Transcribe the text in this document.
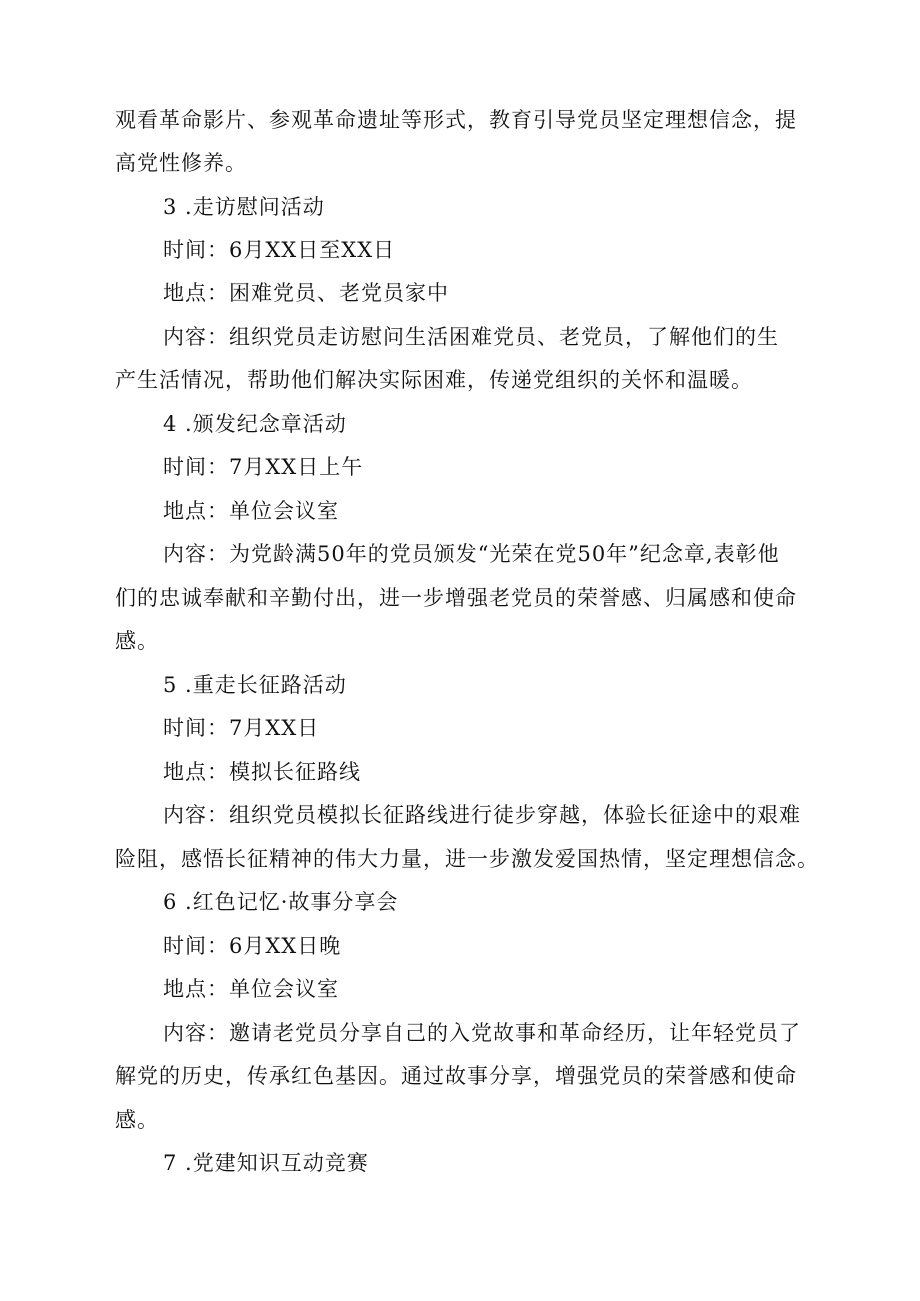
观看革命影片、参观革命遗址等形式，教育引导党员坚定理想信念，提
高党性修养。
3 .走访慰问活动
时间：6月XX日至XX日
地点：困难党员、老党员家中
内容：组织党员走访慰问生活困难党员、老党员，了解他们的生
产生活情况，帮助他们解决实际困难，传递党组织的关怀和温暖。
4 .颁发纪念章活动
时间：7月XX日上午
地点：单位会议室
内容：为党龄满50年的党员颁发“光荣在党50年”纪念章,表彰他
们的忠诚奉献和辛勤付出，进一步增强老党员的荣誉感、归属感和使命
感。
5 .重走长征路活动
时间：7月XX日
地点：模拟长征路线
内容：组织党员模拟长征路线进行徒步穿越，体验长征途中的艰难
险阻，感悟长征精神的伟大力量，进一步激发爱国热情，坚定理想信念。
6 .红色记忆·故事分享会
时间：6月XX日晚
地点：单位会议室
内容：邀请老党员分享自己的入党故事和革命经历，让年轻党员了
解党的历史，传承红色基因。通过故事分享，增强党员的荣誉感和使命
感。
7 .党建知识互动竞赛
